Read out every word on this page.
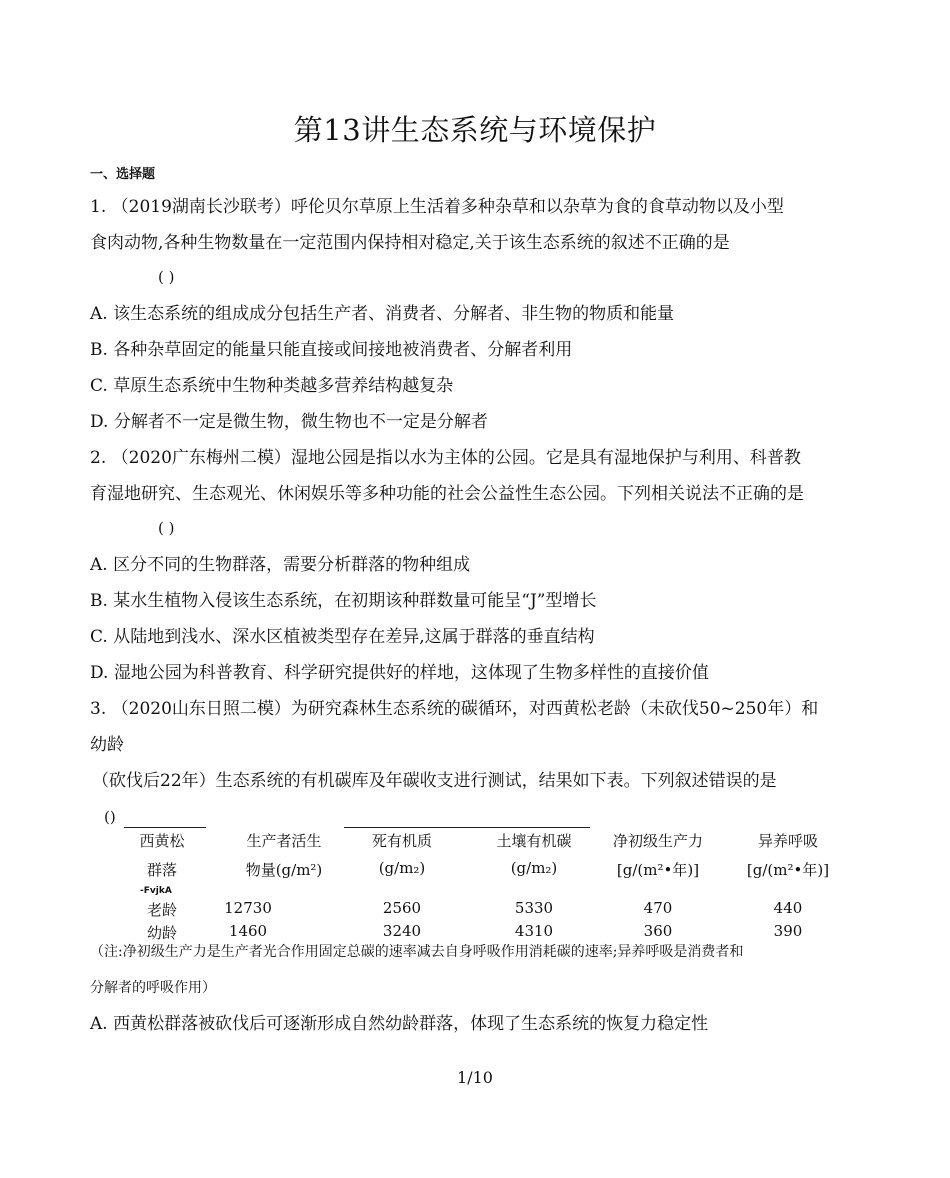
第13讲生态系统与环境保护
一、选择题
1. （2019湖南长沙联考）呼伦贝尔草原上生活着多种杂草和以杂草为食的食草动物以及小型
食肉动物,各种生物数量在一定范围内保持相对稳定,关于该生态系统的叙述不正确的是
( )
A. 该生态系统的组成成分包括生产者、消费者、分解者、非生物的物质和能量
B. 各种杂草固定的能量只能直接或间接地被消费者、分解者利用
C. 草原生态系统中生物种类越多营养结构越复杂
D. 分解者不一定是微生物，微生物也不一定是分解者
2. （2020广东梅州二模）湿地公园是指以水为主体的公园。它是具有湿地保护与利用、科普教
育湿地研究、生态观光、休闲娱乐等多种功能的社会公益性生态公园。下列相关说法不正确的是
( )
A. 区分不同的生物群落，需要分析群落的物种组成
B. 某水生植物入侵该生态系统，在初期该种群数量可能呈“J”型增长
C. 从陆地到浅水、深水区植被类型存在差异,这属于群落的垂直结构
D. 湿地公园为科普教育、科学研究提供好的样地，这体现了生物多样性的直接价值
3. （2020山东日照二模）为研究森林生态系统的碳循环，对西黄松老龄（未砍伐50~250年）和
幼龄
（砍伐后22年）生态系统的有机碳库及年碳收支进行测试，结果如下表。下列叙述错误的是
()
西黄松	生产者活生	死有机质	土壤有机碳	净初级生产力	异养呼吸
群落	物量(g/m²)	(g/m₂)	(g/m₂)	[g/(m²•年)]	[g/(m²•年)]
-FvjkA
老龄	12730	2560	5330	470	440
幼龄	1460	3240	4310	360	390
（注:净初级生产力是生产者光合作用固定总碳的速率减去自身呼吸作用消耗碳的速率;异养呼吸是消费者和
分解者的呼吸作用）
A. 西黄松群落被砍伐后可逐渐形成自然幼龄群落，体现了生态系统的恢复力稳定性
1/10
